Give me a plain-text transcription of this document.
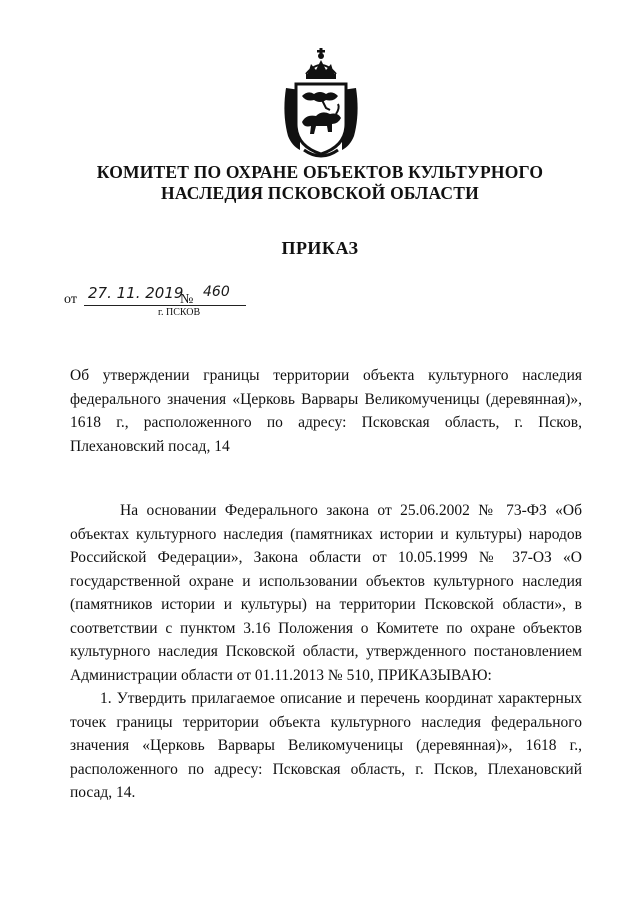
КОМИТЕТ ПО ОХРАНЕ ОБЪЕКТОВ КУЛЬТУРНОГО
НАСЛЕДИЯ ПСКОВСКОЙ ОБЛАСТИ
ПРИКАЗ
от 27. 11. 2019
№ 460
г. ПСКОВ
Об утверждении границы территории объекта культурного наследия федерального значения «Церковь Варвары Великомученицы (деревянная)», 1618 г., расположенного по адресу: Псковская область, г. Псков, Плехановский посад, 14

На основании Федерального закона от 25.06.2002 № 73-ФЗ «Об объектах культурного наследия (памятниках истории и культуры) народов Российской Федерации», Закона области от 10.05.1999 № 37-ОЗ «О государственной охране и использовании объектов культурного наследия (памятников истории и культуры) на территории Псковской области», в соответствии с пунктом 3.16 Положения о Комитете по охране объектов культурного наследия Псковской области, утвержденного постановлением Администрации области от 01.11.2013 № 510, ПРИКАЗЫВАЮ:

1. Утвердить прилагаемое описание и перечень координат характерных точек границы территории объекта культурного наследия федерального значения «Церковь Варвары Великомученицы (деревянная)», 1618 г., расположенного по адресу: Псковская область, г. Псков, Плехановский посад, 14.
